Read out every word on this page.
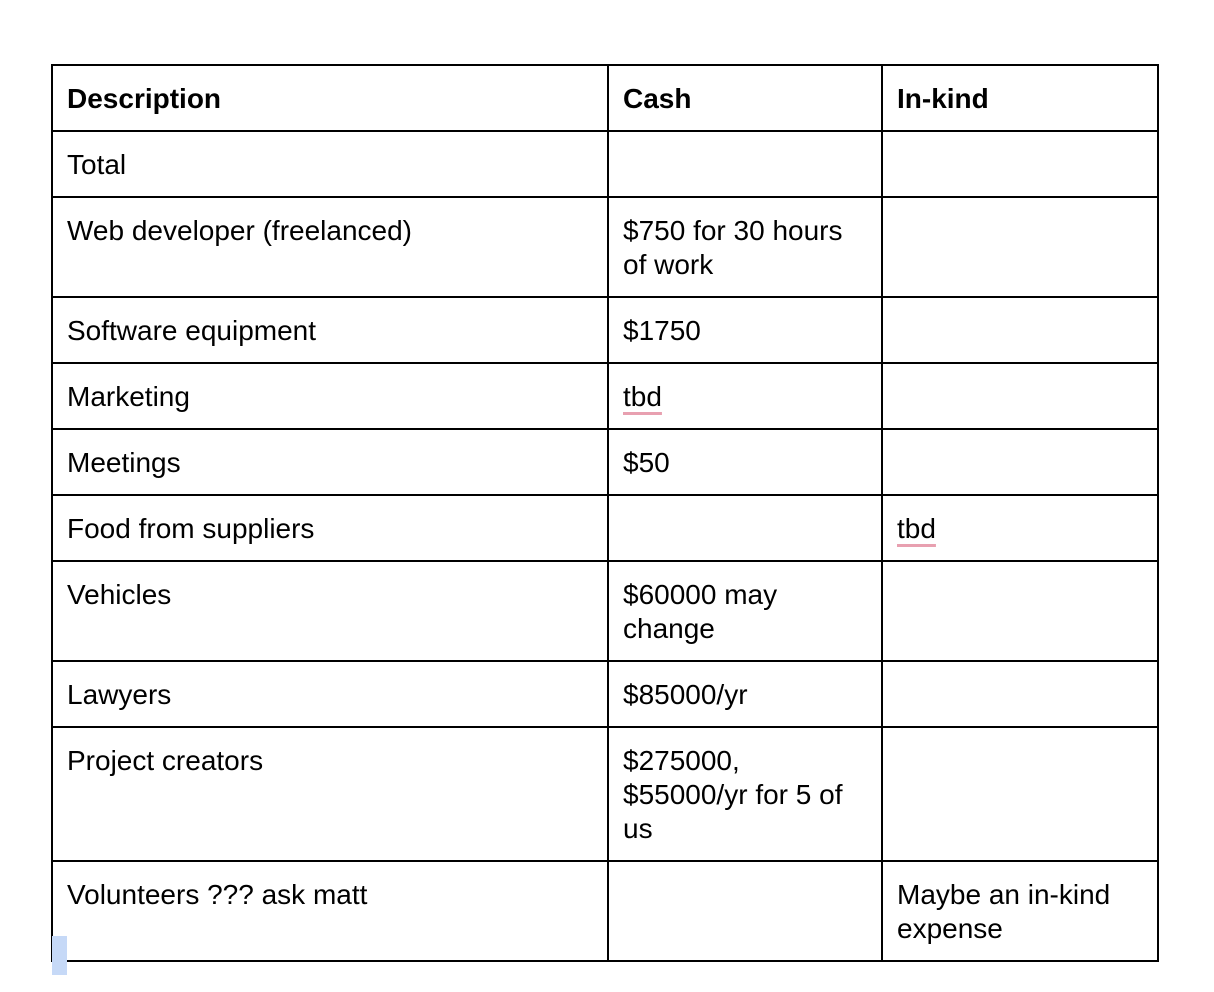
Description	Cash	In-kind
Total		
Web developer (freelanced)	$750 for 30 hours of work	
Software equipment	$1750	
Marketing	tbd	
Meetings	$50	
Food from suppliers		tbd
Vehicles	$60000 may change	
Lawyers	$85000/yr	
Project creators	$275000, $55000/yr for 5 of us	
Volunteers ??? ask matt		Maybe an in-kind expense
